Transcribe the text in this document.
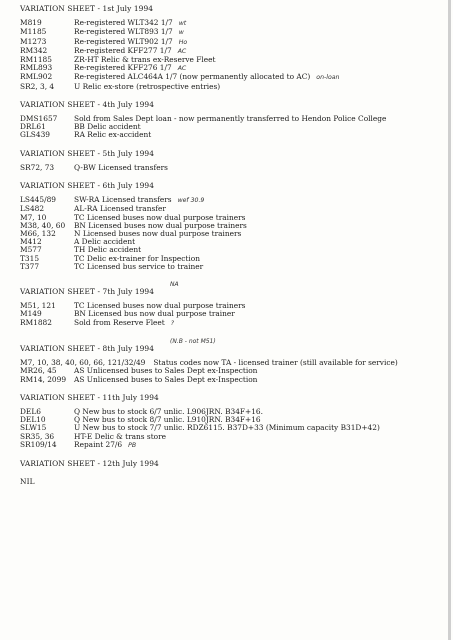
VARIATION SHEET - 1st July 1994
M819	Re-registered WLT342 1/7 wt
M1185	Re-registered WLT893 1/7 w
M1273	Re-registered WLT902 1/7 Ho
RM342	Re-registered KFF277 1/7 AC
RM1185	ZR-HT Relic & trans ex-Reserve Fleet
RML893	Re-registered KFF276 1/7 AC
RML902	Re-registered ALC464A 1/7 (now permanently allocated to AC) on-loan
SR2, 3, 4	U Relic ex-store (retrospective entries)
VARIATION SHEET - 4th July 1994
DMS1657	Sold from Sales Dept loan - now permanently transferred to Hendon Police College
DRL61	BB Delic accident
GLS439	RA Relic ex-accident
VARIATION SHEET - 5th July 1994
SR72, 73	Q-BW Licensed transfers
VARIATION SHEET - 6th July 1994
LS445/89	SW-RA Licensed transfers wef 30.9
LS482	AL-RA Licensed transfer
M7, 10	TC Licensed buses now dual purpose trainers
M38, 40, 60	BN Licensed buses now dual purpose trainers
M66, 132	N Licensed buses now dual purpose trainers
M412	A Delic accident
M577	TH Delic accident
T315	TC Delic ex-trainer for Inspection
T377	TC Licensed bus service to trainer
NA
VARIATION SHEET - 7th July 1994
M51, 121	TC Licensed buses now dual purpose trainers
M149	BN Licensed bus now dual purpose trainer
RM1882	Sold from Reserve Fleet ?
(N.B - not M51)
VARIATION SHEET - 8th July 1994
M7, 10, 38, 40, 60, 66, 121/32/49 Status codes now TA - licensed trainer (still available for service)
MR26, 45	AS Unlicensed buses to Sales Dept ex-Inspection
RM14, 2099	AS Unlicensed buses to Sales Dept ex-Inspection
VARIATION SHEET - 11th July 1994
DEL6	Q New bus to stock 6/7 unlic. L906JRN. B34F+16.
DEL10	Q New bus to stock 8/7 unlic. L910JRN. B34F+16
SLW15	U New bus to stock 7/7 unlic. RDZ6115. B37D+33 (Minimum capacity B31D+42)
SR35, 36	HT-E Delic & trans store
SR109/14	Repaint 27/6 PB
VARIATION SHEET - 12th July 1994
NIL
